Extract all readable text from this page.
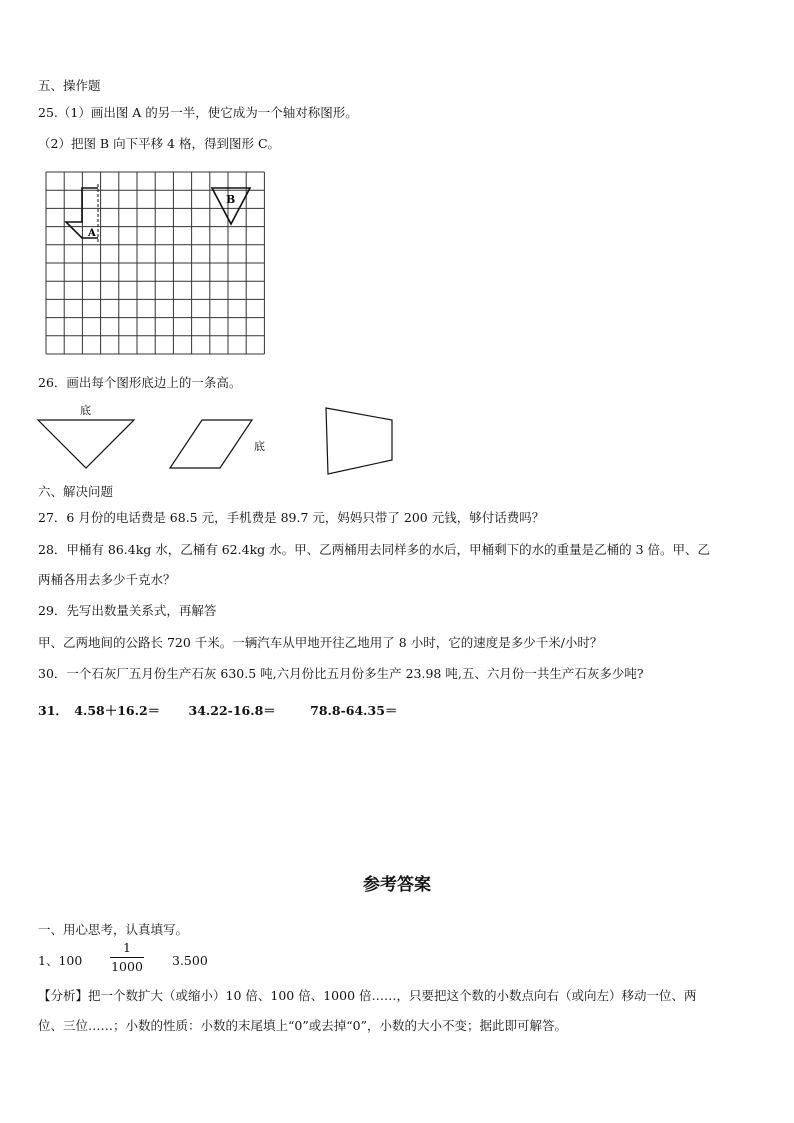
五、操作题
25.（1）画出图 A 的另一半，使它成为一个轴对称图形。
（2）把图 B 向下平移 4 格，得到图形 C。
A
B
26．画出每个图形底边上的一条高。
底
底
六、解决问题
27．6 月份的电话费是 68.5 元，手机费是 89.7 元，妈妈只带了 200 元钱，够付话费吗？
28．甲桶有 86.4kg 水，乙桶有 62.4kg 水。甲、乙两桶用去同样多的水后，甲桶剩下的水的重量是乙桶的 3 倍。甲、乙
两桶各用去多少千克水？
29．先写出数量关系式，再解答
甲、乙两地间的公路长 720 千米。一辆汽车从甲地开往乙地用了 8 小时，它的速度是多少千米/小时？
30．一个石灰厂五月份生产石灰 630.5 吨,六月份比五月份多生产 23.98 吨,五、六月份一共生产石灰多少吨?
31． 4.58＋16.2＝ 34.22-16.8＝	78.8-64.35＝
参考答案
一、用心思考，认真填写。
1、100
1
1000 3.500
【分析】把一个数扩大（或缩小）10 倍、100 倍、1000 倍……，只要把这个数的小数点向右（或向左）移动一位、两
位、三位……；小数的性质：小数的末尾填上“0”或去掉“0”，小数的大小不变；据此即可解答。
